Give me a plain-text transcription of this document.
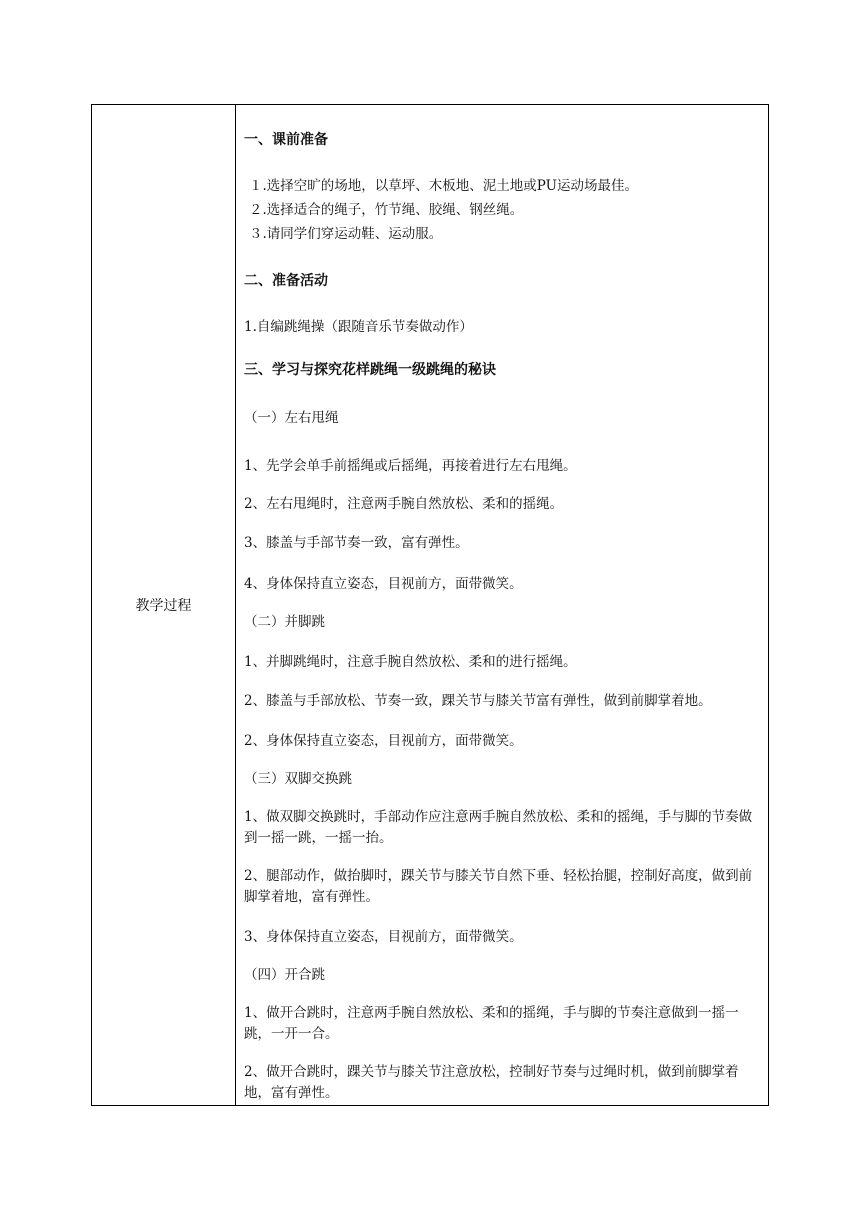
教学过程	
一、课前准备
１.选择空旷的场地，以草坪、木板地、泥土地或PU运动场最佳。
２.选择适合的绳子，竹节绳、胶绳、钢丝绳。
３.请同学们穿运动鞋、运动服。
二、准备活动
1.自编跳绳操（跟随音乐节奏做动作）
三、学习与探究花样跳绳一级跳绳的秘诀
（一）左右甩绳
1、先学会单手前摇绳或后摇绳，再接着进行左右甩绳。
2、左右甩绳时，注意两手腕自然放松、柔和的摇绳。
3、膝盖与手部节奏一致，富有弹性。
4、身体保持直立姿态，目视前方，面带微笑。
（二）并脚跳
1、并脚跳绳时，注意手腕自然放松、柔和的进行摇绳。
2、膝盖与手部放松、节奏一致，踝关节与膝关节富有弹性，做到前脚掌着地。
2、身体保持直立姿态，目视前方，面带微笑。
（三）双脚交换跳
1、做双脚交换跳时，手部动作应注意两手腕自然放松、柔和的摇绳，手与脚的节奏做到一摇一跳，一摇一抬。
2、腿部动作，做抬脚时，踝关节与膝关节自然下垂、轻松抬腿，控制好高度，做到前脚掌着地，富有弹性。
3、身体保持直立姿态，目视前方，面带微笑。
（四）开合跳
1、做开合跳时，注意两手腕自然放松、柔和的摇绳，手与脚的节奏注意做到一摇一跳，一开一合。
2、做开合跳时，踝关节与膝关节注意放松，控制好节奏与过绳时机，做到前脚掌着地，富有弹性。
